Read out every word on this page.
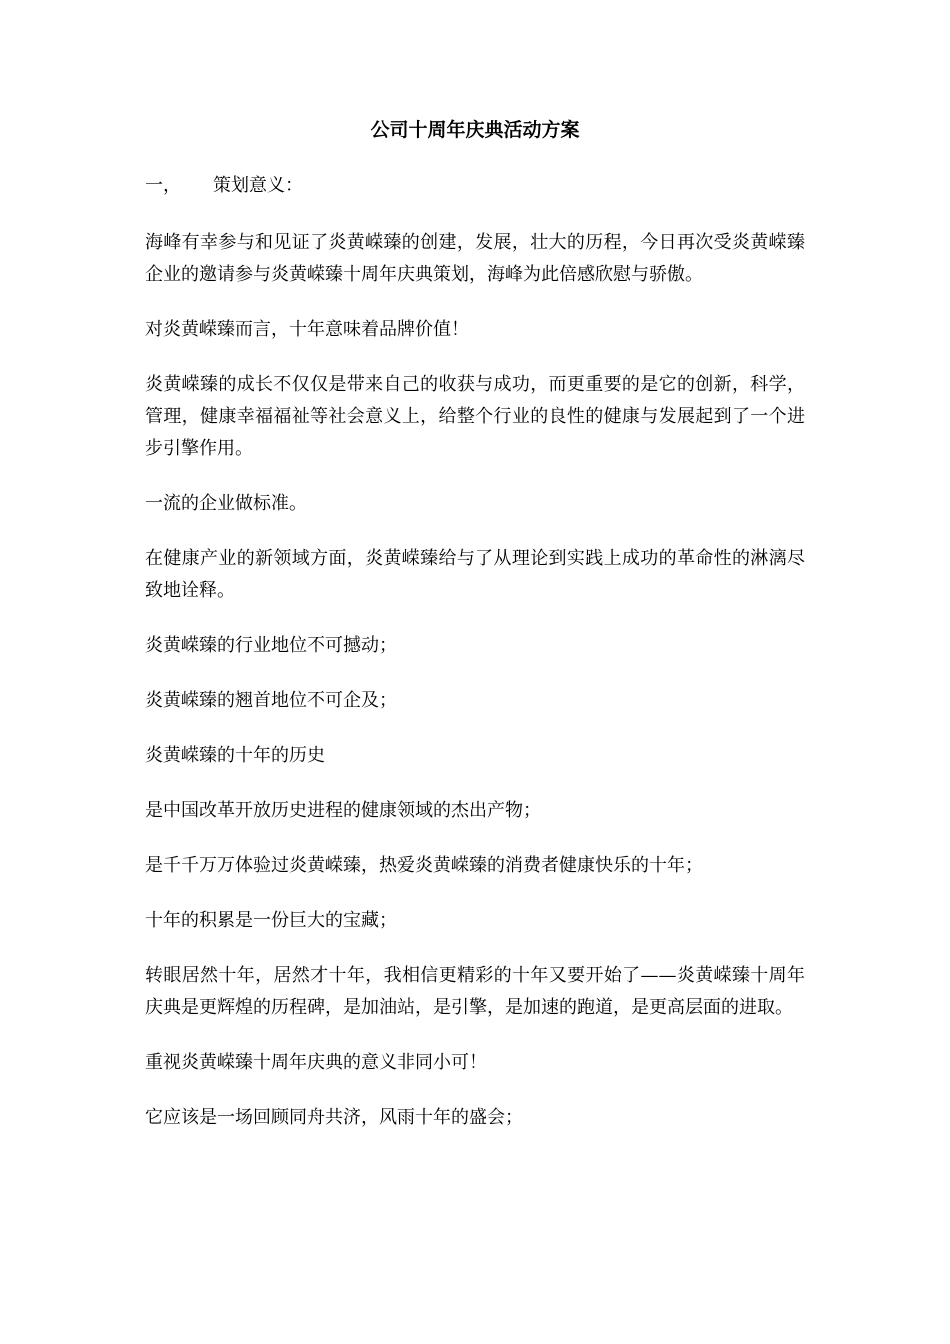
公司十周年庆典活动方案

一， 策划意义：

海峰有幸参与和见证了炎黄嵘臻的创建，发展，壮大的历程，今日再次受炎黄嵘臻企业的邀请参与炎黄嵘臻十周年庆典策划，海峰为此倍感欣慰与骄傲。

对炎黄嵘臻而言，十年意味着品牌价值！

炎黄嵘臻的成长不仅仅是带来自己的收获与成功，而更重要的是它的创新，科学，管理，健康幸福福祉等社会意义上，给整个行业的良性的健康与发展起到了一个进步引擎作用。

一流的企业做标准。

在健康产业的新领域方面，炎黄嵘臻给与了从理论到实践上成功的革命性的淋漓尽致地诠释。

炎黄嵘臻的行业地位不可撼动；

炎黄嵘臻的翘首地位不可企及；

炎黄嵘臻的十年的历史

是中国改革开放历史进程的健康领域的杰出产物；

是千千万万体验过炎黄嵘臻，热爱炎黄嵘臻的消费者健康快乐的十年；

十年的积累是一份巨大的宝藏；

转眼居然十年，居然才十年，我相信更精彩的十年又要开始了——炎黄嵘臻十周年庆典是更辉煌的历程碑，是加油站，是引擎，是加速的跑道，是更高层面的进取。

重视炎黄嵘臻十周年庆典的意义非同小可！

它应该是一场回顾同舟共济，风雨十年的盛会；
